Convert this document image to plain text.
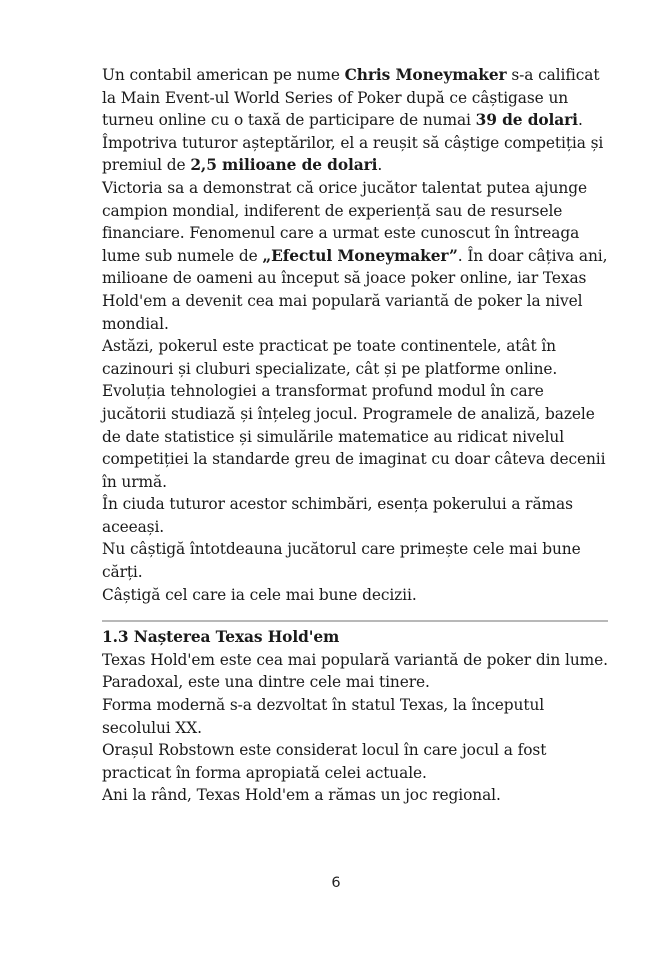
Un contabil american pe nume Chris Moneymaker s-a calificat la Main Event-ul World Series of Poker după ce câștigase un turneu online cu o taxă de participare de numai 39 de dolari.

Împotriva tuturor așteptărilor, el a reușit să câștige competiția și premiul de 2,5 milioane de dolari.

Victoria sa a demonstrat că orice jucător talentat putea ajunge campion mondial, indiferent de experiență sau de resursele financiare. Fenomenul care a urmat este cunoscut în întreaga lume sub numele de „Efectul Moneymaker”. În doar câțiva ani, milioane de oameni au început să joace poker online, iar Texas Hold'em a devenit cea mai populară variantă de poker la nivel mondial.

Astăzi, pokerul este practicat pe toate continentele, atât în cazinouri și cluburi specializate, cât și pe platforme online.

Evoluția tehnologiei a transformat profund modul în care jucătorii studiază și înțeleg jocul. Programele de analiză, bazele de date statistice și simulările matematice au ridicat nivelul competiției la standarde greu de imaginat cu doar câteva decenii în urmă.

În ciuda tuturor acestor schimbări, esența pokerului a rămas aceeași.

Nu câștigă întotdeauna jucătorul care primește cele mai bune cărți.

Câștigă cel care ia cele mai bune decizii.

1.3 Nașterea Texas Hold'em

Texas Hold'em este cea mai populară variantă de poker din lume.

Paradoxal, este una dintre cele mai tinere.

Forma modernă s-a dezvoltat în statul Texas, la începutul secolului XX.

Orașul Robstown este considerat locul în care jocul a fost practicat în forma apropiată celei actuale.

Ani la rând, Texas Hold'em a rămas un joc regional.

6
